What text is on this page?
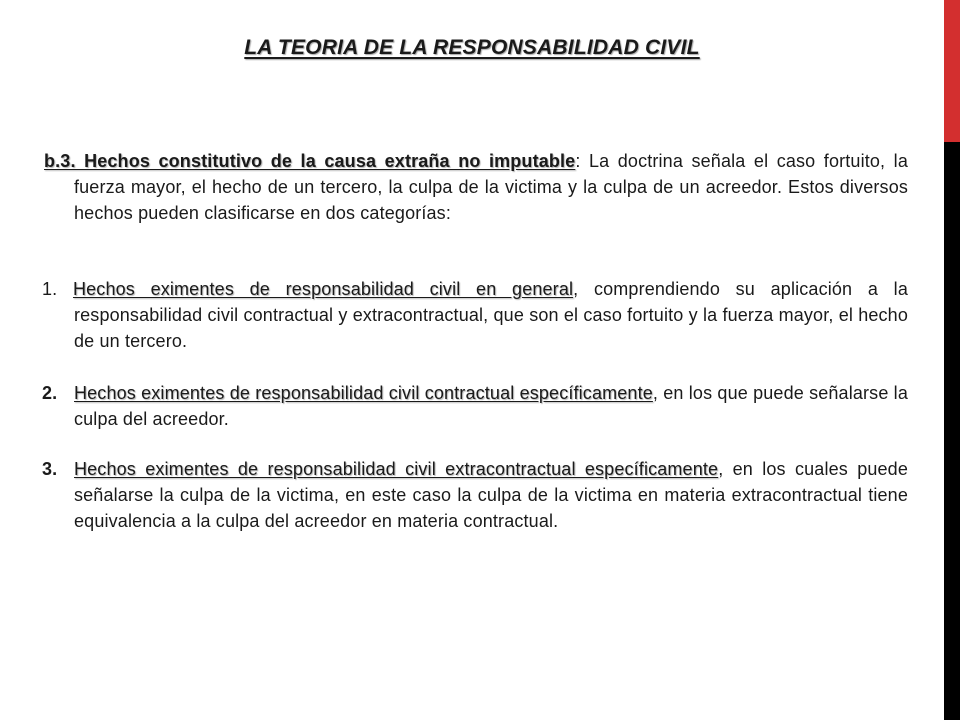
LA TEORIA DE LA RESPONSABILIDAD CIVIL
b.3. Hechos constitutivo de la causa extraña no imputable: La doctrina señala el caso fortuito, la fuerza mayor, el hecho de un tercero, la culpa de la victima y la culpa de un acreedor. Estos diversos hechos pueden clasificarse en dos categorías:
1. Hechos eximentes de responsabilidad civil en general, comprendiendo su aplicación a la responsabilidad civil contractual y extracontractual, que son el caso fortuito y la fuerza mayor, el hecho de un tercero.
2. Hechos eximentes de responsabilidad civil contractual específicamente, en los que puede señalarse la culpa del acreedor.
3. Hechos eximentes de responsabilidad civil extracontractual específicamente, en los cuales puede señalarse la culpa de la victima, en este caso la culpa de la victima en materia extracontractual tiene equivalencia a la culpa del acreedor en materia contractual.
